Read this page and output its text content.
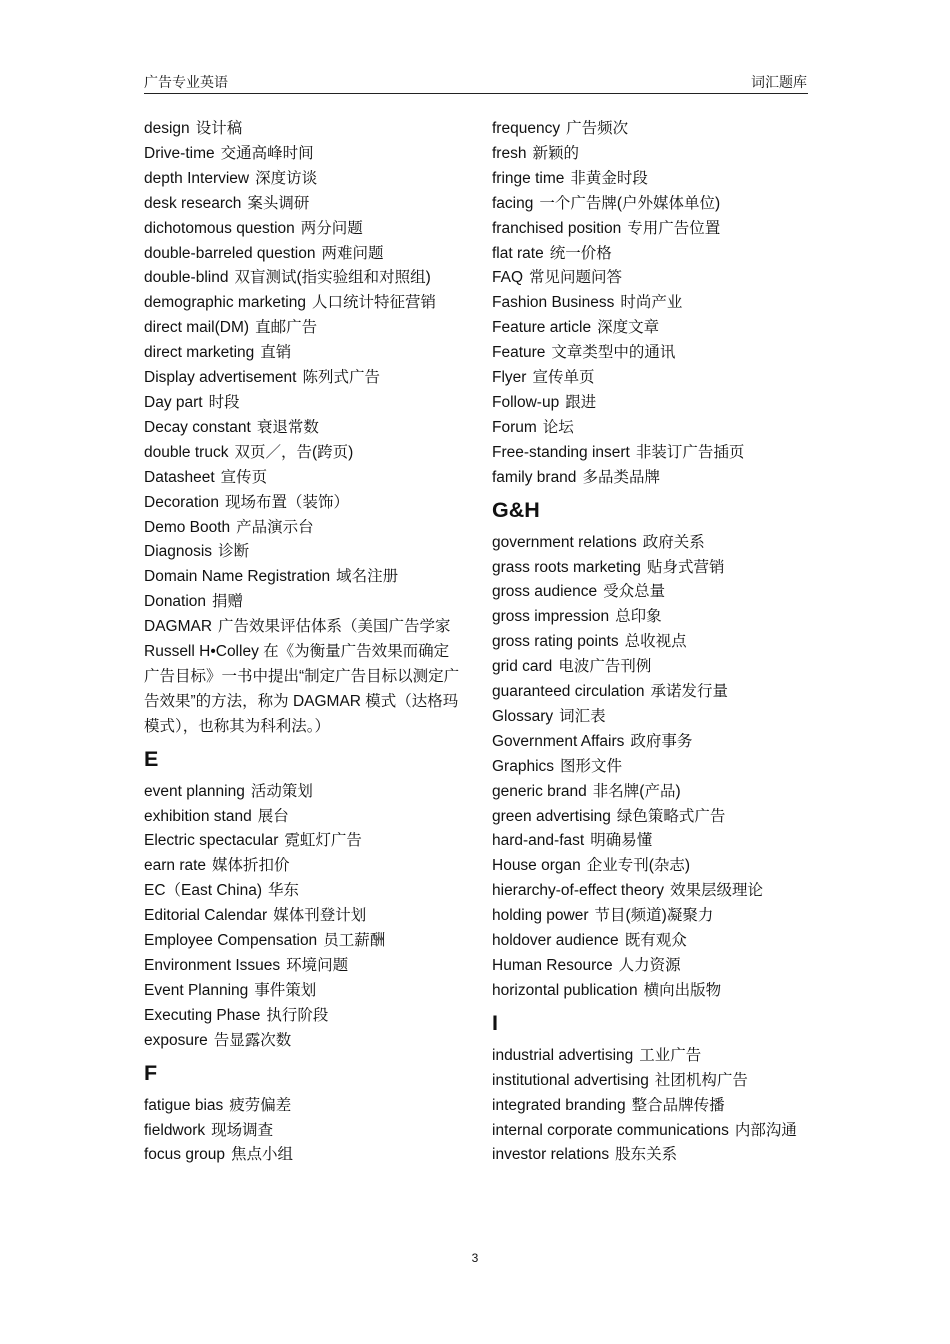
广告专业英语	词汇题库
design 设计稿
Drive-time 交通高峰时间
depth Interview 深度访谈
desk research 案头调研
dichotomous question 两分问题
double-barreled question 两难问题
double-blind 双盲测试(指实验组和对照组)
demographic marketing 人口统计特征营销
direct mail(DM) 直邮广告
direct marketing 直销
Display advertisement 陈列式广告
Day part 时段
Decay constant 衰退常数
double truck 双页／，告(跨页)
Datasheet 宣传页
Decoration 现场布置（装饰）
Demo Booth 产品演示台
Diagnosis 诊断
Domain Name Registration 域名注册
Donation 捐赠
DAGMAR 广告效果评估体系（美国广告学家 Russell H•Colley 在《为衡量广告效果而确定广告目标》一书中提出“制定广告目标以测定广告效果”的方法，称为 DAGMAR 模式（达格玛模式），也称其为科利法。）
E
event planning 活动策划
exhibition stand 展台
Electric spectacular 霓虹灯广告
earn rate 媒体折扣价
EC（East China) 华东
Editorial Calendar 媒体刊登计划
Employee Compensation 员工薪酬
Environment Issues 环境问题
Event Planning 事件策划
Executing Phase 执行阶段
exposure 告显露次数
F
fatigue bias 疲劳偏差
fieldwork 现场调查
focus group 焦点小组
frequency 广告频次
fresh 新颖的
fringe time 非黄金时段
facing 一个广告牌(户外媒体单位)
franchised position 专用广告位置
flat rate 统一价格
FAQ 常见问题问答
Fashion Business 时尚产业
Feature article 深度文章
Feature 文章类型中的通讯
Flyer 宣传单页
Follow-up 跟进
Forum 论坛
Free-standing insert 非装订广告插页
family brand 多品类品牌
G&H
government relations 政府关系
grass roots marketing 贴身式营销
gross audience 受众总量
gross impression 总印象
gross rating points 总收视点
grid card 电波广告刊例
guaranteed circulation 承诺发行量
Glossary 词汇表
Government Affairs 政府事务
Graphics 图形文件
generic brand 非名牌(产品)
green advertising 绿色策略式广告
hard-and-fast 明确易懂
House organ 企业专刊(杂志)
hierarchy-of-effect theory 效果层级理论
holding power 节目(频道)凝聚力
holdover audience 既有观众
Human Resource 人力资源
horizontal publication 横向出版物
I
industrial advertising 工业广告
institutional advertising 社团机构广告
integrated branding 整合品牌传播
internal corporate communications 内部沟通
investor relations 股东关系
3
